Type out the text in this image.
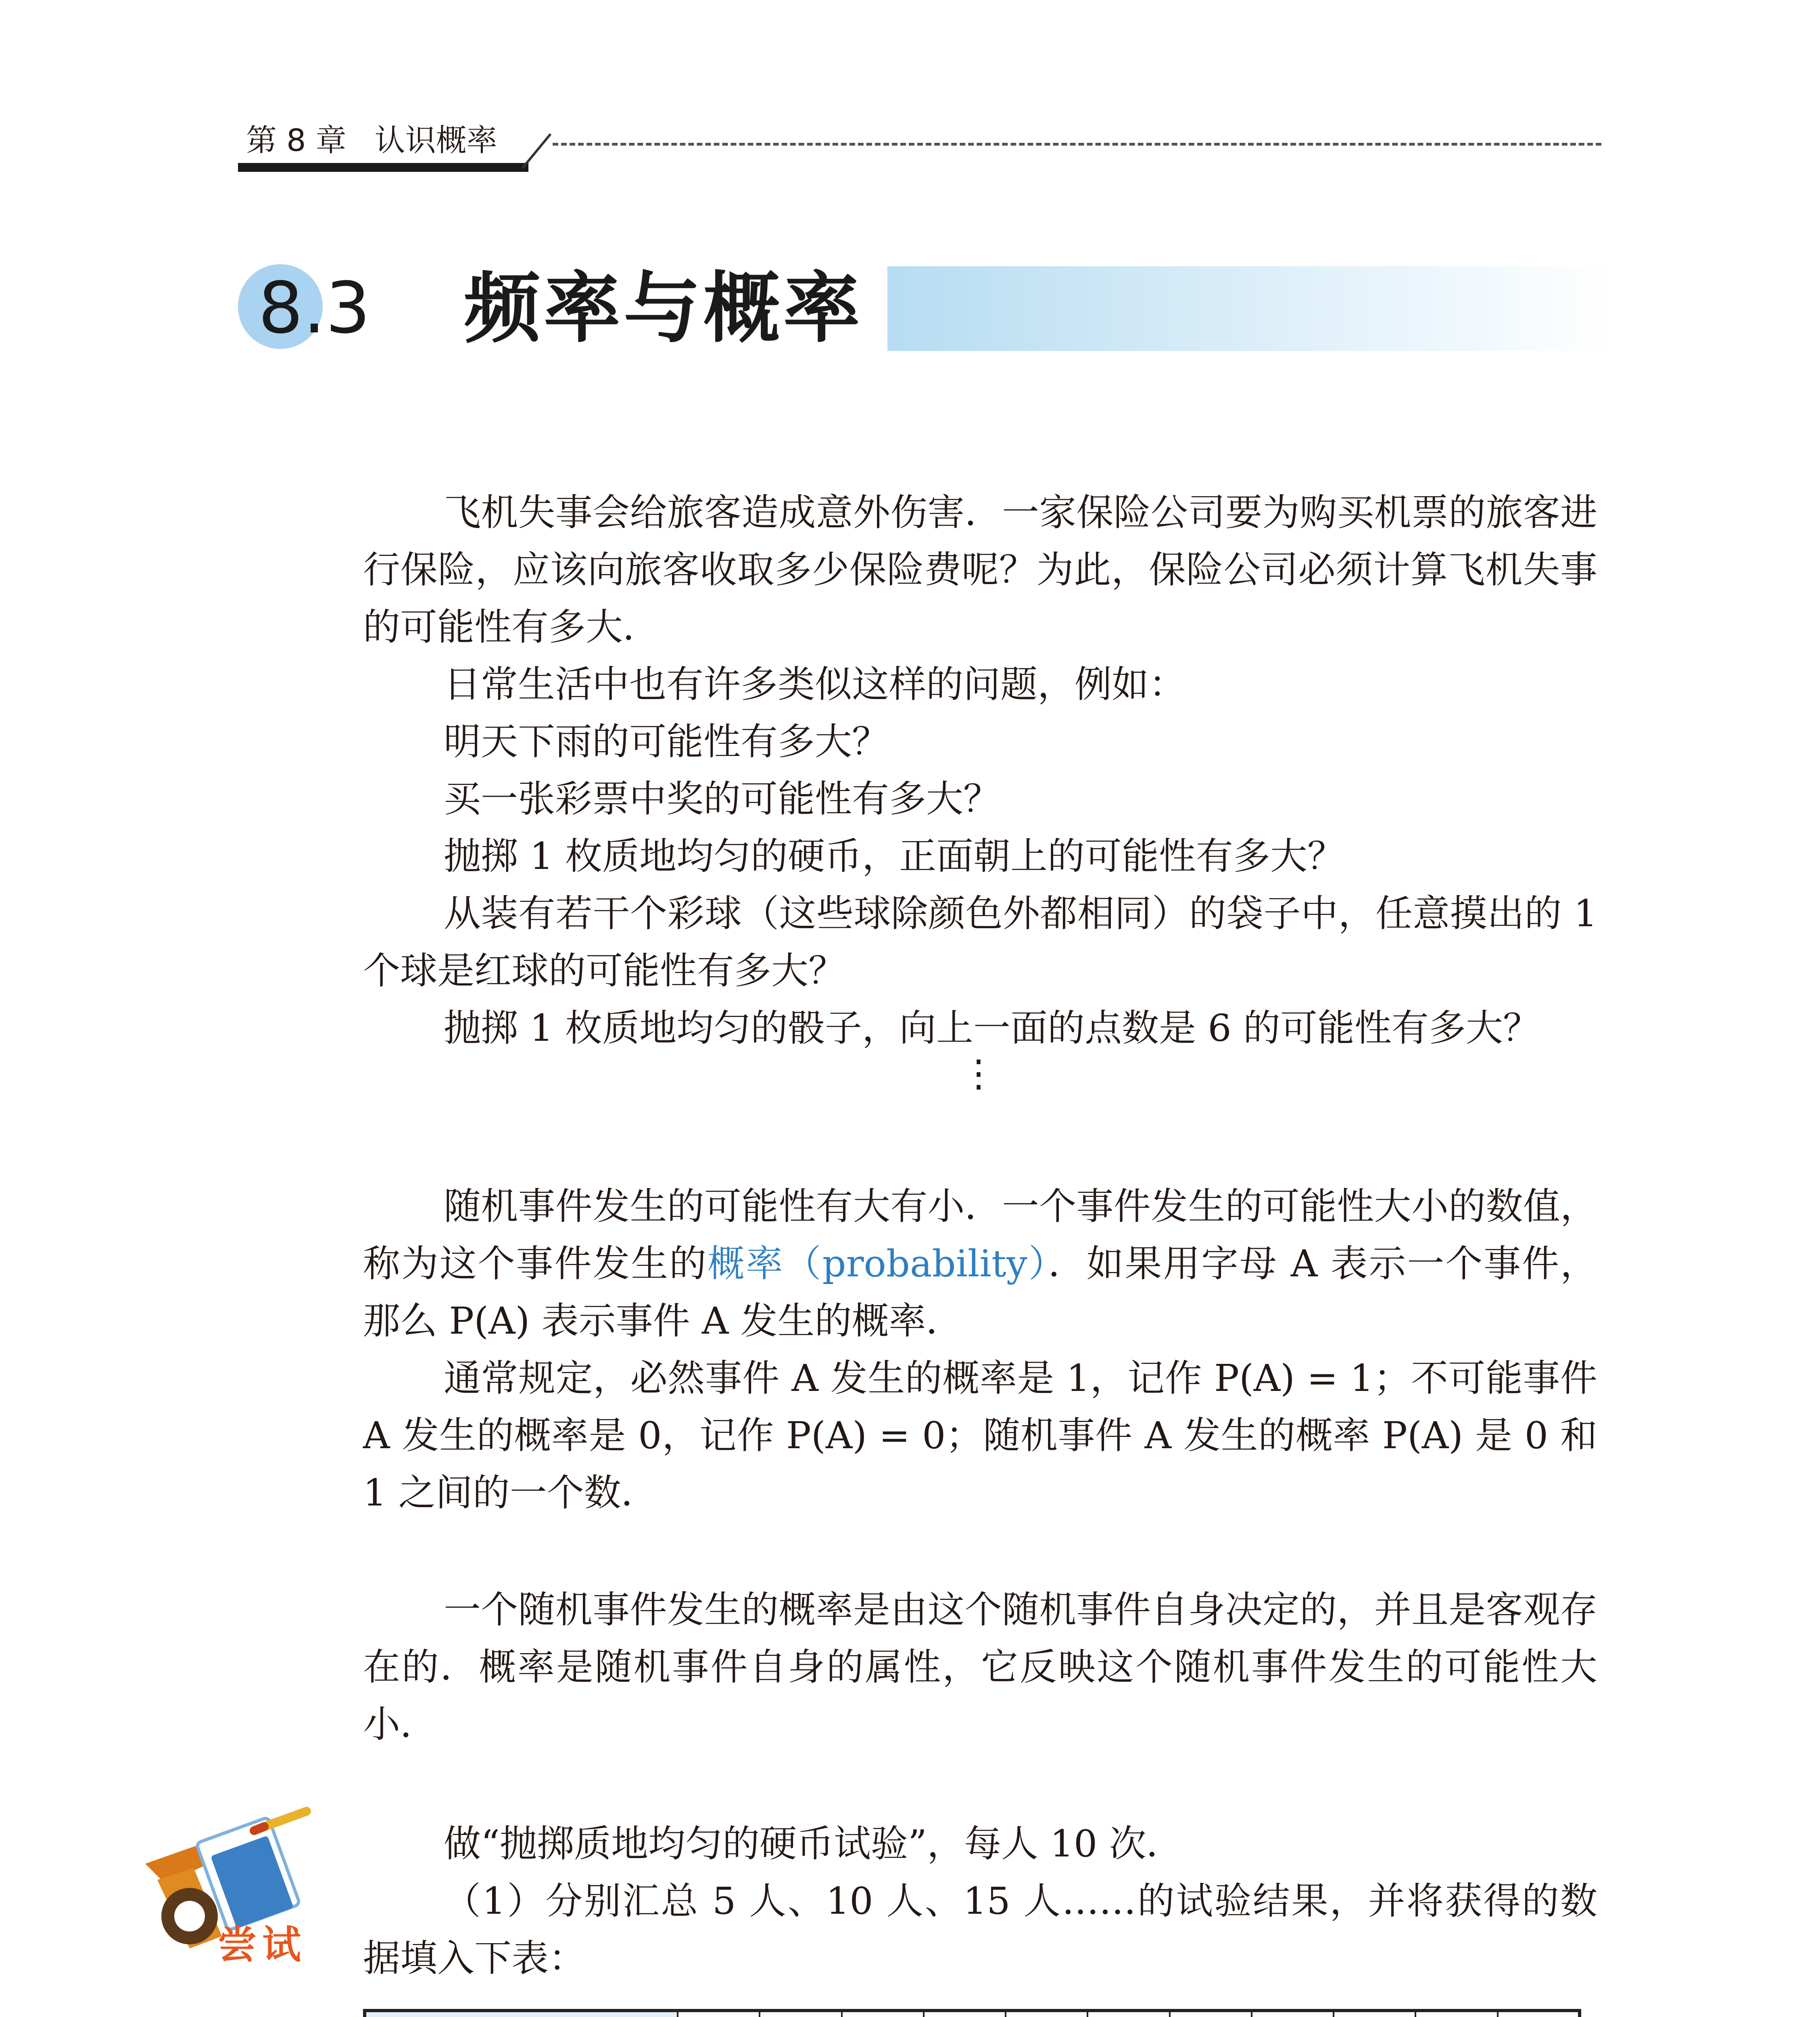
第 8 章 认识概率
8.3 频率与概率

飞机失事会给旅客造成意外伤害．一家保险公司要为购买机票的旅客进行保险，应该向旅客收取多少保险费呢？为此，保险公司必须计算飞机失事的可能性有多大．

日常生活中也有许多类似这样的问题，例如：

明天下雨的可能性有多大？

买一张彩票中奖的可能性有多大？

抛掷 1 枚质地均匀的硬币，正面朝上的可能性有多大？

从装有若干个彩球（这些球除颜色外都相同）的袋子中，任意摸出的 1 个球是红球的可能性有多大？

抛掷 1 枚质地均匀的骰子，向上一面的点数是 6 的可能性有多大？

⋮

随机事件发生的可能性有大有小．一个事件发生的可能性大小的数值，称为这个事件发生的概率（probability）．如果用字母 A 表示一个事件，那么 P(A) 表示事件 A 发生的概率．

通常规定，必然事件 A 发生的概率是 1，记作 P(A) = 1；不可能事件 A 发生的概率是 0，记作 P(A) = 0；随机事件 A 发生的概率 P(A) 是 0 和 1 之间的一个数．

一个随机事件发生的概率是由这个随机事件自身决定的，并且是客观存在的．概率是随机事件自身的属性，它反映这个随机事件发生的可能性大小．

尝试

做“抛掷质地均匀的硬币试验”，每人 10 次．

（1）分别汇总 5 人、10 人、15 人……的试验结果，并将获得的数据填入下表：
